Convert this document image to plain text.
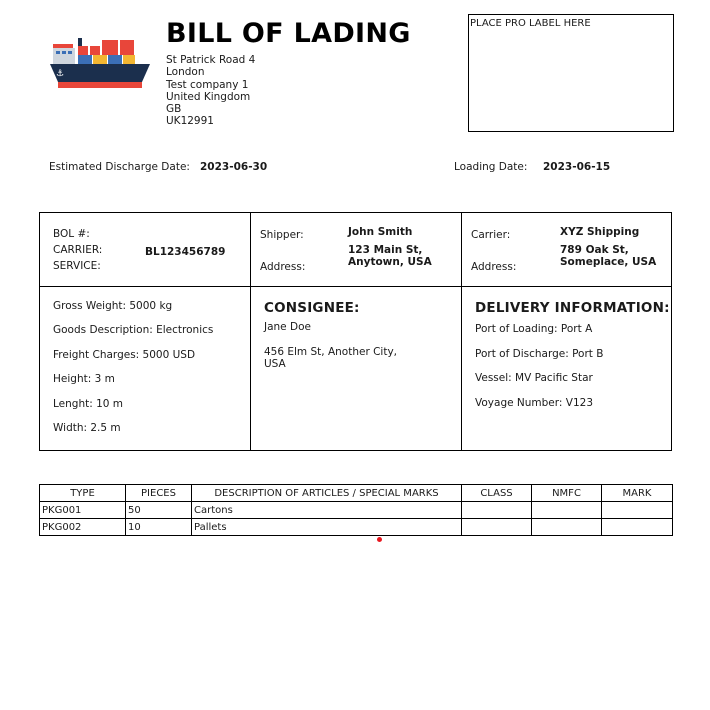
⚓
BILL OF LADING
St Patrick Road 4
London
Test company 1
United Kingdom
GB
UK12991
PLACE PRO LABEL HERE
Estimated Discharge Date: 2023-06-30	Loading Date: 2023-06-15
BOL #:
CARRIER:
SERVICE:
BL123456789
Shipper:	John Smith
123 Main St,
Anytown, USA
Address:
Carrier:	XYZ Shipping
789 Oak St,
Someplace, USA
Address:
Gross Weight: 5000 kg
Goods Description: Electronics
Freight Charges: 5000 USD
Height: 3 m
Lenght: 10 m
Width: 2.5 m
CONSIGNEE:
Jane Doe
456 Elm St, Another City,
USA
DELIVERY INFORMATION:
Port of Loading: Port A
Port of Discharge: Port B
Vessel: MV Pacific Star
Voyage Number: V123
TYPE	PIECES	DESCRIPTION OF ARTICLES / SPECIAL MARKS	CLASS	NMFC	MARK
PKG001	50	Cartons			
PKG002	10	Pallets			
